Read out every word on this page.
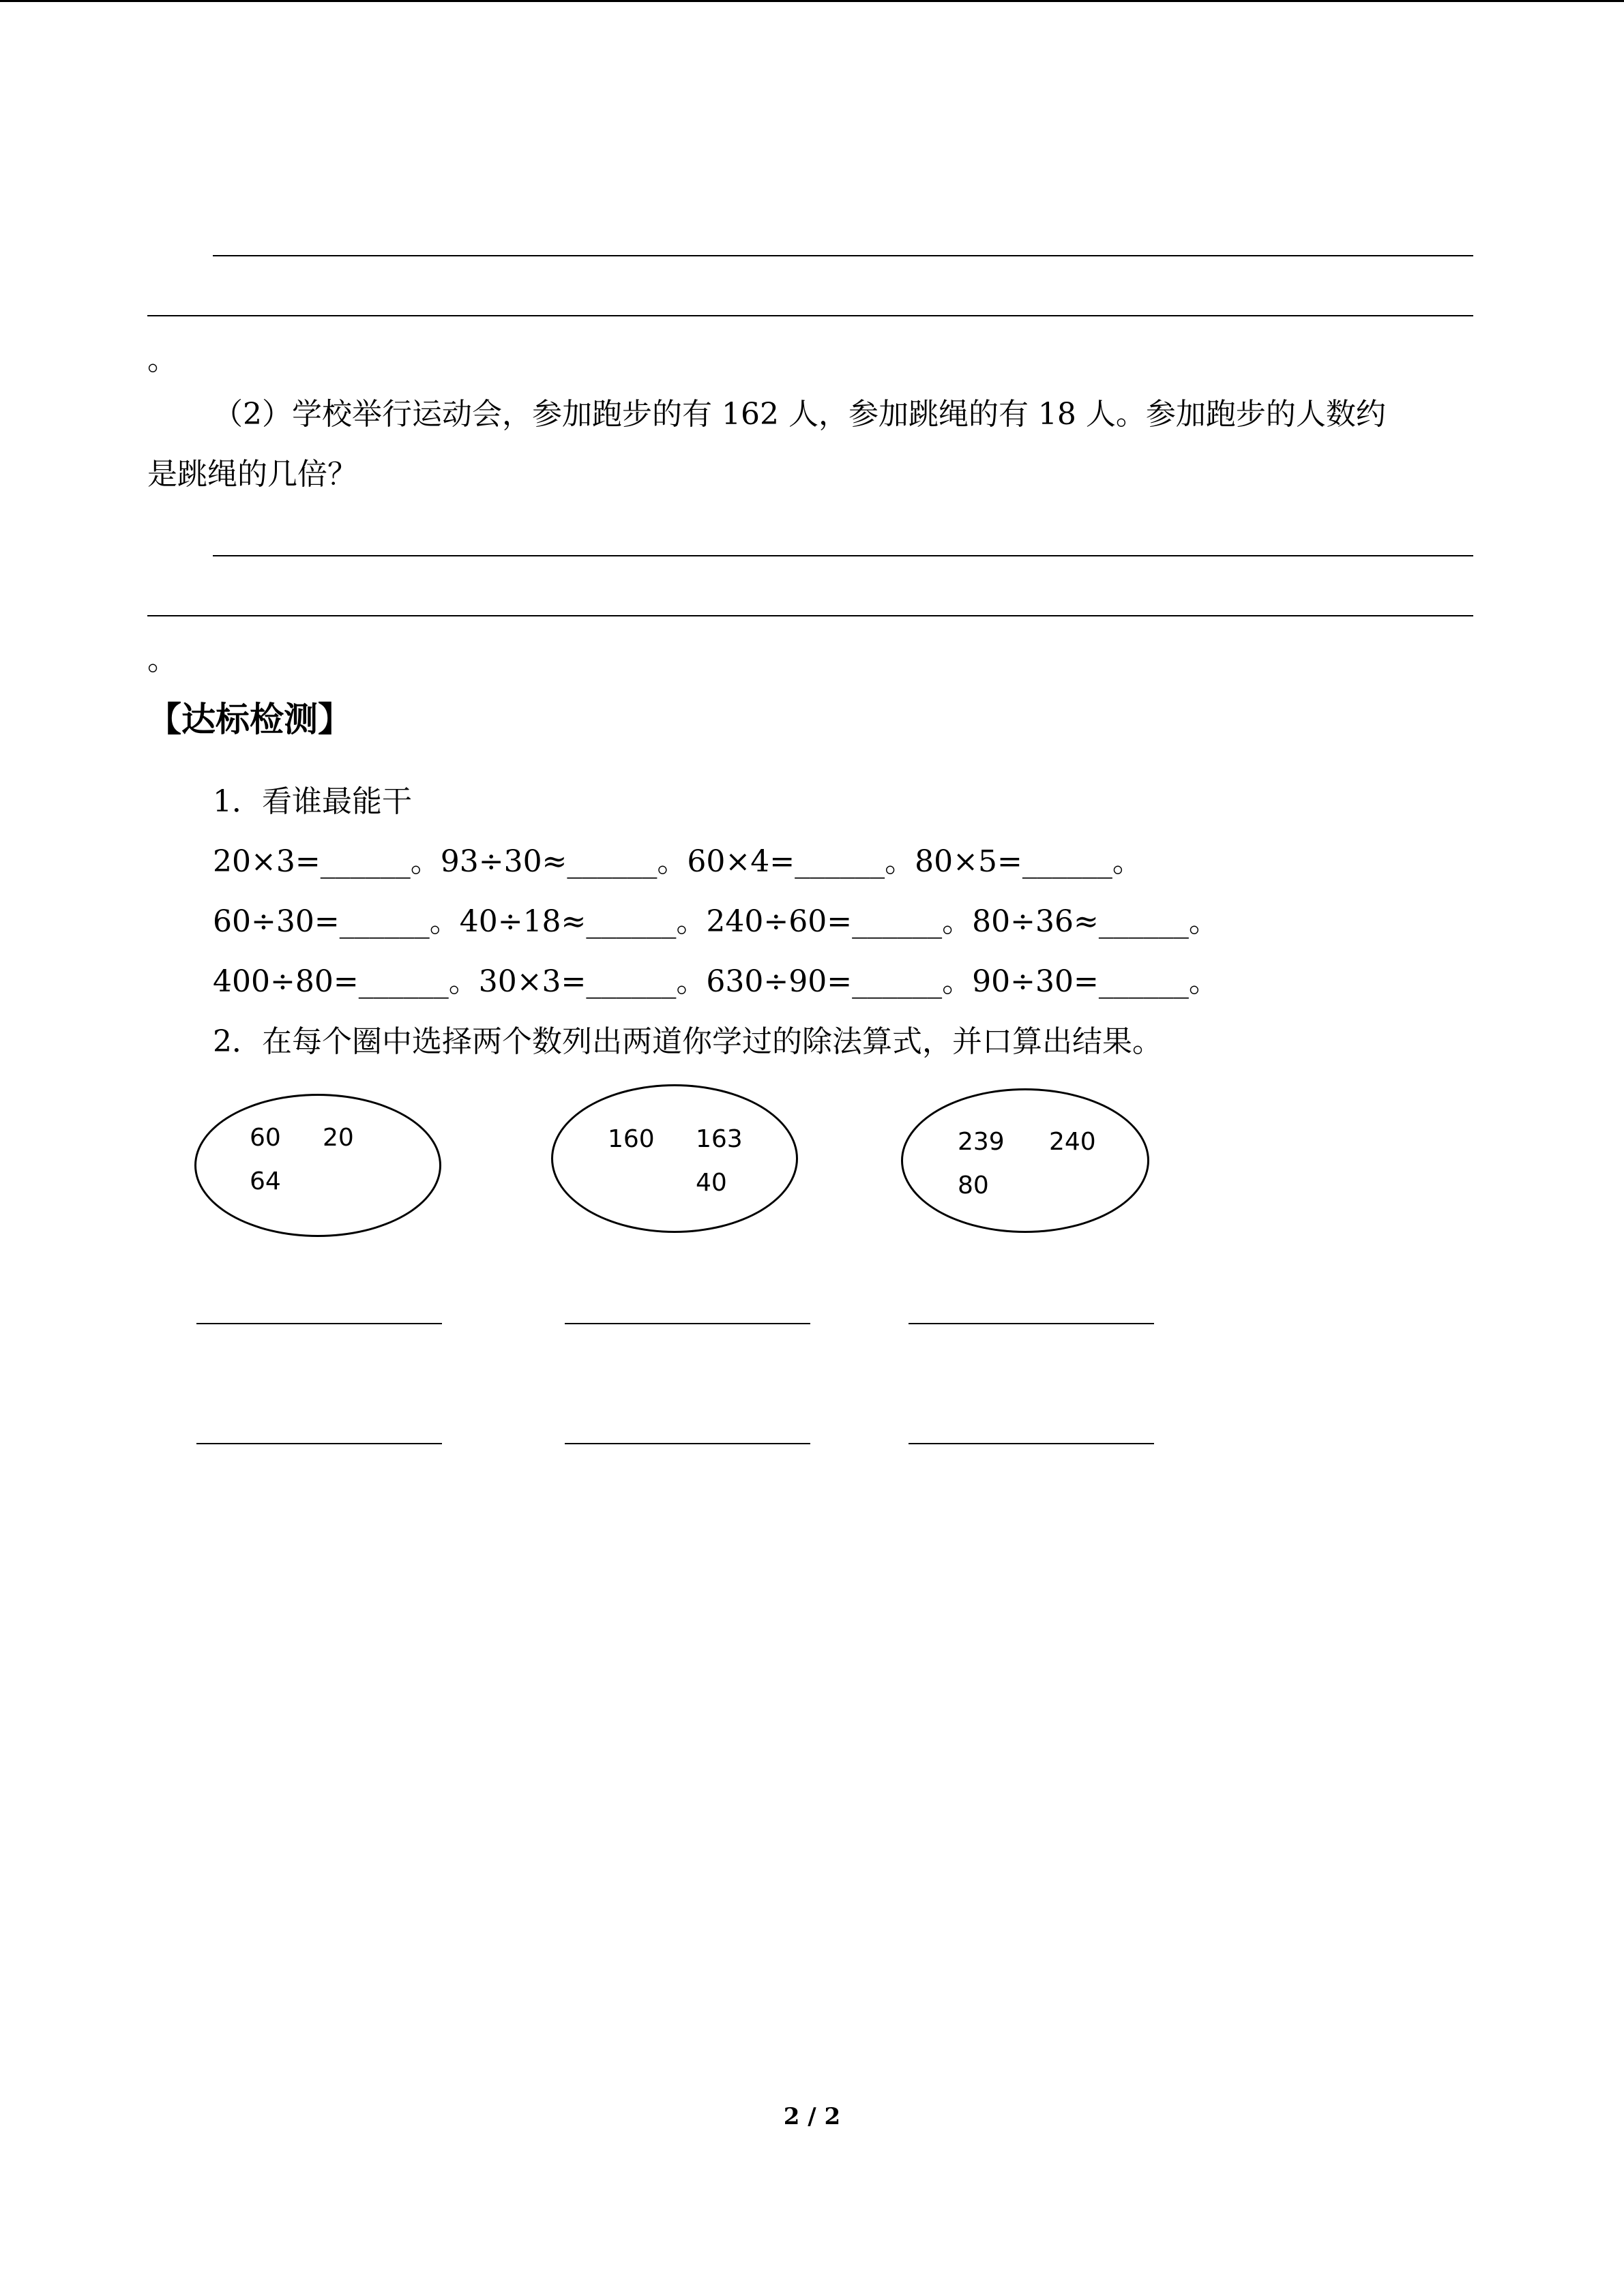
。
（2）学校举行运动会，参加跑步的有 162 人，参加跳绳的有 18 人。参加跑步的人数约
是跳绳的几倍？
。
【达标检测】
1．看谁最能干
20×3=______。93÷30≈______。60×4=______。80×5=______。
60÷30=______。40÷18≈______。240÷60=______。80÷36≈______。
400÷80=______。30×3=______。630÷90=______。90÷30=______。
2．在每个圈中选择两个数列出两道你学过的除法算式，并口算出结果。
60 20
64
160 163
40
239 240
80
2 / 2
